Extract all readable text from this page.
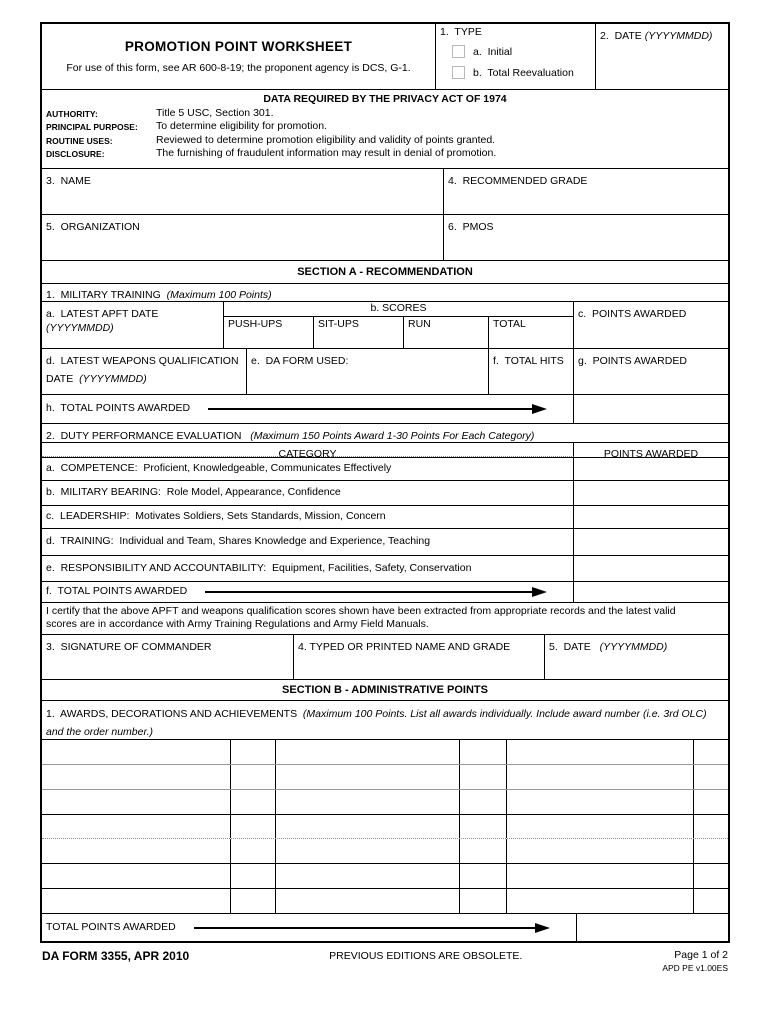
PROMOTION POINT WORKSHEET
For use of this form, see AR 600-8-19; the proponent agency is DCS, G-1.
1.  TYPE
a.  Initial
b.  Total Reevaluation
2.  DATE (YYYYMMDD)
DATA REQUIRED BY THE PRIVACY ACT OF 1974
AUTHORITY:	Title 5 USC, Section 301.
PRINCIPAL PURPOSE:	To determine eligibility for promotion.
ROUTINE USES:	Reviewed to determine promotion eligibility and validity of points granted.
DISCLOSURE:	The furnishing of fraudulent information may result in denial of promotion.
3.  NAME	4.  RECOMMENDED GRADE
5.  ORGANIZATION	6.  PMOS
SECTION A - RECOMMENDATION
1.  MILITARY TRAINING  (Maximum 100 Points)
a.  LATEST APFT DATE
(YYYYMMDD)
b. SCORES
PUSH-UPS	SIT-UPS	RUN	TOTAL
c.  POINTS AWARDED
d.  LATEST WEAPONS QUALIFICATION DATE  (YYYYMMDD)
e.  DA FORM USED:	f.  TOTAL HITS	g.  POINTS AWARDED
h.  TOTAL POINTS AWARDED
2.  DUTY PERFORMANCE EVALUATION   (Maximum 150 Points Award 1-30 Points For Each Category)
CATEGORY	POINTS AWARDED
a.  COMPETENCE:  Proficient, Knowledgeable, Communicates Effectively
b.  MILITARY BEARING:  Role Model, Appearance, Confidence
c.  LEADERSHIP:  Motivates Soldiers, Sets Standards, Mission, Concern
d.  TRAINING:  Individual and Team, Shares Knowledge and Experience, Teaching
e.  RESPONSIBILITY AND ACCOUNTABILITY:  Equipment, Facilities, Safety, Conservation
f.  TOTAL POINTS AWARDED
I certify that the above APFT and weapons qualification scores shown have been extracted from appropriate records and the latest valid scores are in accordance with Army Training Regulations and Army Field Manuals.
3.  SIGNATURE OF COMMANDER	4. TYPED OR PRINTED NAME AND GRADE	5.  DATE   (YYYYMMDD)
SECTION B - ADMINISTRATIVE POINTS
1.  AWARDS, DECORATIONS AND ACHIEVEMENTS  (Maximum 100 Points. List all awards individually. Include award number (i.e. 3rd OLC) and the order number.)
TOTAL POINTS AWARDED
DA FORM 3355, APR 2010	PREVIOUS EDITIONS ARE OBSOLETE.	Page 1 of 2
APD PE v1.00ES
